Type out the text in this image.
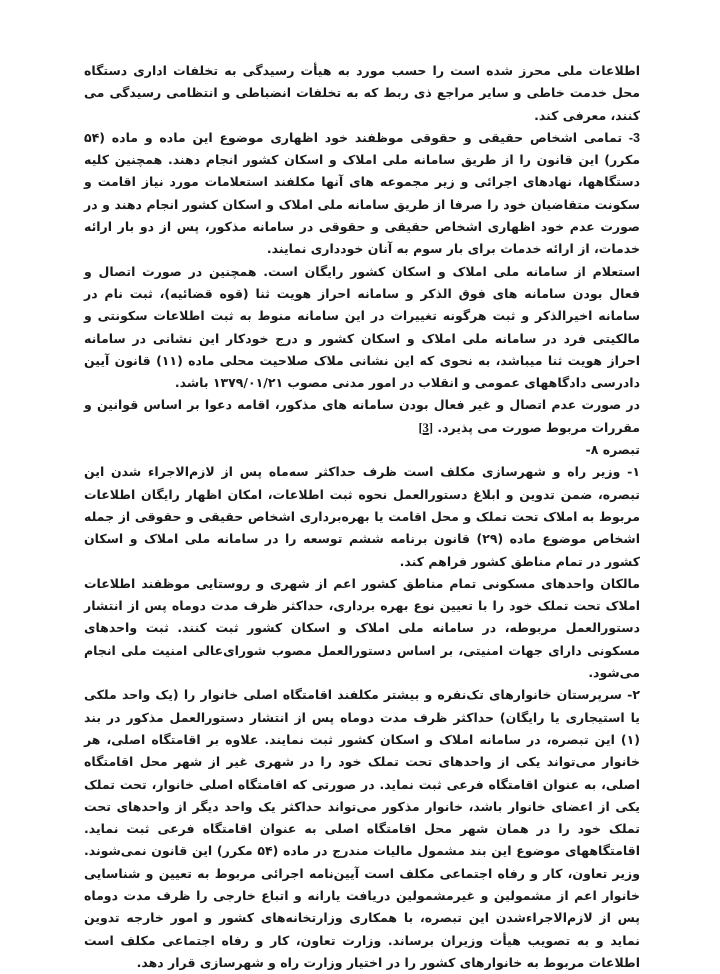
اطلاعات ملی محرز شده است را حسب مورد به هیأت رسیدگی به تخلفات اداری دستگاه محل خدمت خاطی و سایر مراجع ذی ربط که به تخلفات انضباطی و انتظامی رسیدگی می کنند، معرفی کند.

3- تمامی اشخاص حقیقی و حقوقی موظفند خود اظهاری موضوع این ماده و ماده (۵۴ مکرر) این قانون را از طریق سامانه ملی املاک و اسکان کشور انجام دهند. همچنین کلیه دستگاهها، نهادهای اجرائی و زیر مجموعه های آنها مکلفند استعلامات مورد نیاز اقامت و سکونت متقاضیان خود را صرفا از طریق سامانه ملی املاک و اسکان کشور انجام دهند و در صورت عدم خود اظهاری اشخاص حقیقی و حقوقی در سامانه مذکور، پس از دو بار ارائه خدمات، از ارائه خدمات برای بار سوم به آنان خودداری نمایند.

استعلام از سامانه ملی املاک و اسکان کشور رایگان است. همچنین در صورت اتصال و فعال بودن سامانه های فوق الذکر و سامانه احراز هویت ثنا (قوه قضائیه)، ثبت نام در سامانه اخیرالذکر و ثبت هرگونه تغییرات در این سامانه منوط به ثبت اطلاعات سکونتی و مالکیتی فرد در سامانه ملی املاک و اسکان کشور و درج خودکار این نشانی در سامانه احراز هویت ثنا میباشد، به نحوی که این نشانی ملاک صلاحیت محلی ماده (۱۱) قانون آیین دادرسی دادگاههای عمومی و انقلاب در امور مدنی مصوب ۱۳۷۹/۰۱/۲۱ باشد.

در صورت عدم اتصال و غیر فعال بودن سامانه های مذکور، اقامه دعوا بر اساس قوانین و مقررات مربوط صورت می پذیرد. [3]

تبصره ۸-

۱- وزیر راه و شهرسازی مکلف است ظرف حداکثر سه‌ماه پس از لازم‌الاجراء شدن این تبصره، ضمن تدوین و ابلاغ دستورالعمل نحوه ثبت اطلاعات، امکان اظهار رایگان اطلاعات مربوط به املاک تحت تملک و محل اقامت یا بهره‌برداری اشخاص حقیقی و حقوقی از جمله اشخاص موضوع ماده (۲۹) قانون برنامه ششم توسعه را در سامانه ملی املاک و اسکان کشور در تمام مناطق کشور فراهم کند.

مالکان واحدهای مسکونی تمام مناطق کشور اعم از شهری و روستایی موظفند اطلاعات املاک تحت تملک خود را با تعیین نوع بهره برداری، حداکثر ظرف مدت دوماه پس از انتشار دستورالعمل مربوطه، در سامانه ملی املاک و اسکان کشور ثبت کنند. ثبت واحدهای مسکونی دارای جهات امنیتی، بر اساس دستورالعمل مصوب شورای‌عالی امنیت ملی انجام می‌شود.

۲- سرپرستان خانوارهای تک‌نفره و بیشتر مکلفند اقامتگاه اصلی خانوار را (یک واحد ملکی یا استیجاری یا رایگان) حداکثر ظرف مدت دوماه پس از انتشار دستورالعمل مذکور در بند (۱) این تبصره، در سامانه املاک و اسکان کشور ثبت نمایند. علاوه بر اقامتگاه اصلی، هر خانوار می‌تواند یکی از واحدهای تحت تملک خود را در شهری غیر از شهر محل اقامتگاه اصلی، به عنوان اقامتگاه فرعی ثبت نماید. در صورتی که اقامتگاه اصلی خانوار، تحت تملک یکی از اعضای خانوار باشد، خانوار مذکور می‌تواند حداکثر یک واحد دیگر از واحدهای تحت تملک خود را در همان شهر محل اقامتگاه اصلی به عنوان اقامتگاه فرعی ثبت نماید. اقامتگاههای موضوع این بند مشمول مالیات مندرج در ماده (۵۴ مکرر) این قانون نمی‌شوند. وزیر تعاون، کار و رفاه اجتماعی مکلف است آیین‌نامه اجرائی مربوط به تعیین و شناسایی خانوار اعم از مشمولین و غیرمشمولین دریافت یارانه و اتباع خارجی را ظرف مدت دوماه پس از لازم‌الاجراءشدن این تبصره، با همکاری وزارتخانه‌های کشور و امور خارجه تدوین نماید و به تصویب هیأت وزیران برساند. وزارت تعاون، کار و رفاه اجتماعی مکلف است اطلاعات مربوط به خانوارهای کشور را در اختیار وزارت راه و شهرسازی قرار دهد.
